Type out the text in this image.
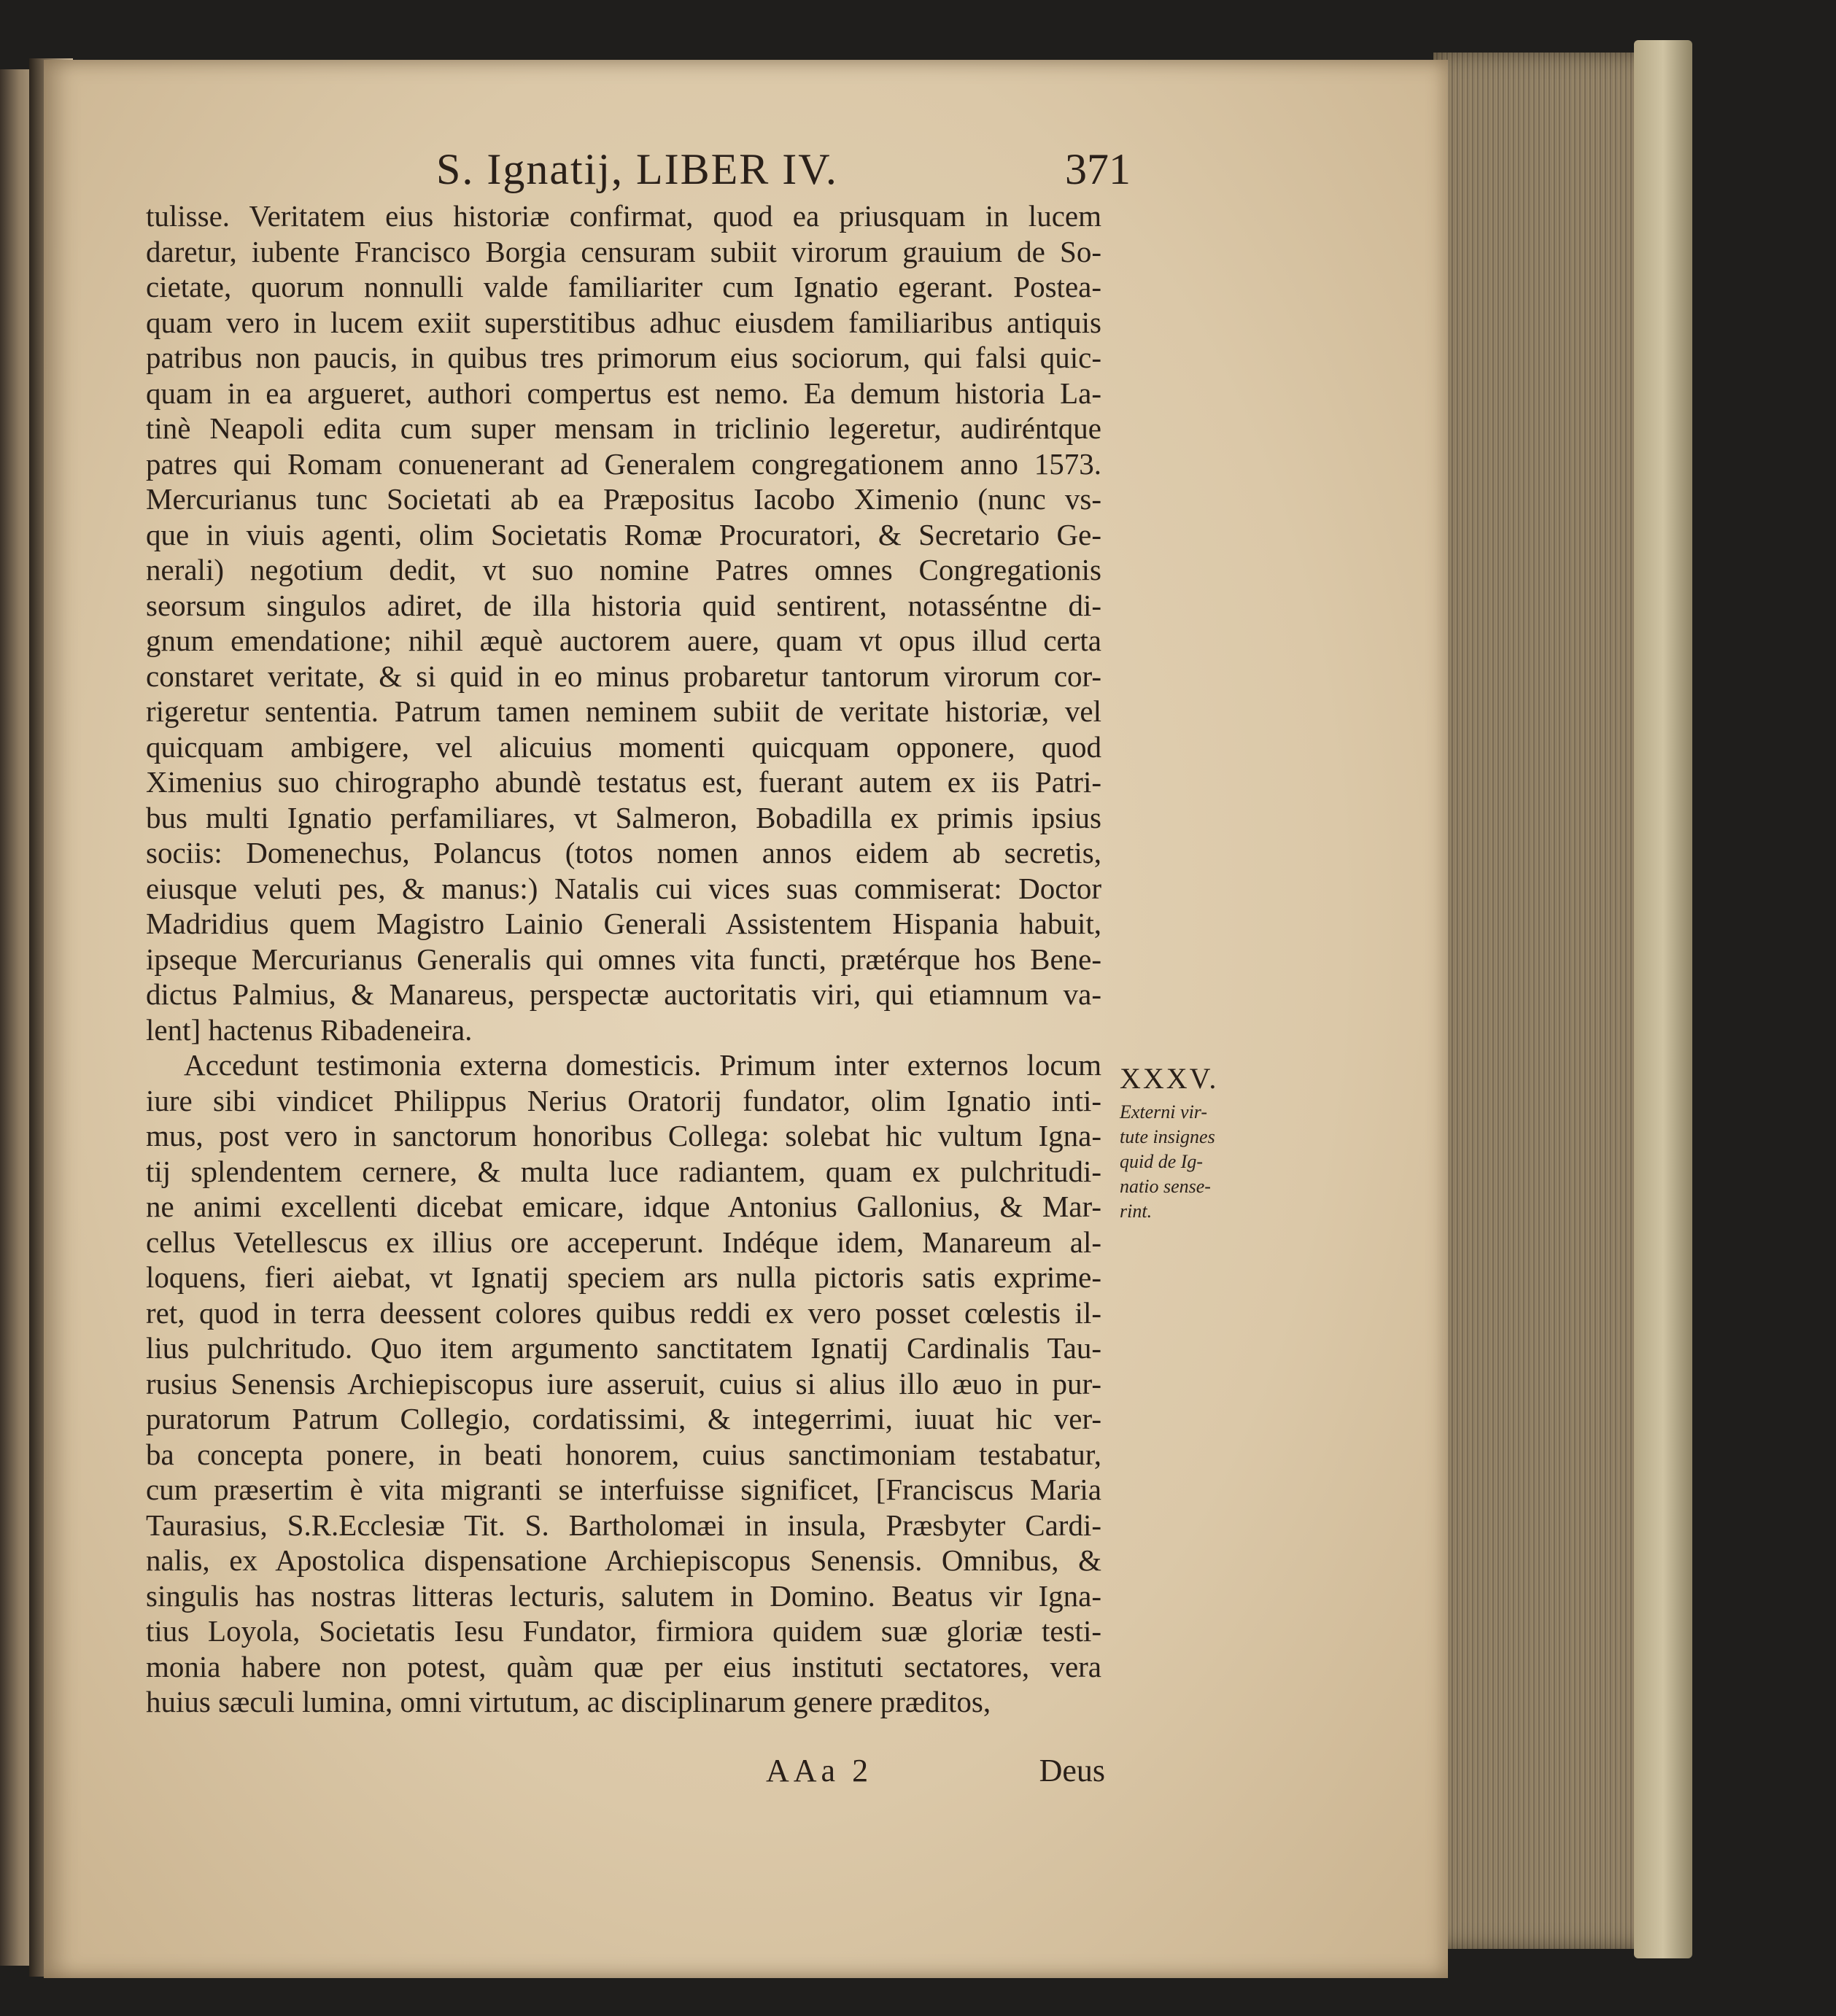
S. Ignatij, LIBER IV.	371
tulisse. Veritatem eius historiæ confirmat, quod ea priusquam in lucem
daretur, iubente Francisco Borgia censuram subiit virorum grauium de So-
cietate, quorum nonnulli valde familiariter cum Ignatio egerant. Postea-
quam vero in lucem exiit superstitibus adhuc eiusdem familiaribus antiquis
patribus non paucis, in quibus tres primorum eius sociorum, qui falsi quic-
quam in ea argueret, authori compertus est nemo. Ea demum historia La-
tinè Neapoli edita cum super mensam in triclinio legeretur, audiréntque
patres qui Romam conuenerant ad Generalem congregationem anno 1573.
Mercurianus tunc Societati ab ea Præpositus Iacobo Ximenio (nunc vs-
que in viuis agenti, olim Societatis Romæ Procuratori, & Secretario Ge-
nerali) negotium dedit, vt suo nomine Patres omnes Congregationis
seorsum singulos adiret, de illa historia quid sentirent, notasséntne di-
gnum emendatione; nihil æquè auctorem auere, quam vt opus illud certa
constaret veritate, & si quid in eo minus probaretur tantorum virorum cor-
rigeretur sententia. Patrum tamen neminem subiit de veritate historiæ, vel
quicquam ambigere, vel alicuius momenti quicquam opponere, quod
Ximenius suo chirographo abundè testatus est, fuerant autem ex iis Patri-
bus multi Ignatio perfamiliares, vt Salmeron, Bobadilla ex primis ipsius
sociis: Domenechus, Polancus (totos nomen annos eidem ab secretis,
eiusque veluti pes, & manus:) Natalis cui vices suas commiserat: Doctor
Madridius quem Magistro Lainio Generali Assistentem Hispania habuit,
ipseque Mercurianus Generalis qui omnes vita functi, prætérque hos Bene-
dictus Palmius, & Manareus, perspectæ auctoritatis viri, qui etiamnum va-
lent] hactenus Ribadeneira.
Accedunt testimonia externa domesticis. Primum inter externos locum
iure sibi vindicet Philippus Nerius Oratorij fundator, olim Ignatio inti-
mus, post vero in sanctorum honoribus Collega: solebat hic vultum Igna-
tij splendentem cernere, & multa luce radiantem, quam ex pulchritudi-
ne animi excellenti dicebat emicare, idque Antonius Gallonius, & Mar-
cellus Vetellescus ex illius ore acceperunt. Indéque idem, Manareum al-
loquens, fieri aiebat, vt Ignatij speciem ars nulla pictoris satis exprime-
ret, quod in terra deessent colores quibus reddi ex vero posset cœlestis il-
lius pulchritudo. Quo item argumento sanctitatem Ignatij Cardinalis Tau-
rusius Senensis Archiepiscopus iure asseruit, cuius si alius illo æuo in pur-
puratorum Patrum Collegio, cordatissimi, & integerrimi, iuuat hic ver-
ba concepta ponere, in beati honorem, cuius sanctimoniam testabatur,
cum præsertim è vita migranti se interfuisse significet, [Franciscus Maria
Taurasius, S.R.Ecclesiæ Tit. S. Bartholomæi in insula, Præsbyter Cardi-
nalis, ex Apostolica dispensatione Archiepiscopus Senensis. Omnibus, &
singulis has nostras litteras lecturis, salutem in Domino. Beatus vir Igna-
tius Loyola, Societatis Iesu Fundator, firmiora quidem suæ gloriæ testi-
monia habere non potest, quàm quæ per eius instituti sectatores, vera
huius sæculi lumina, omni virtutum, ac disciplinarum genere præditos,
XXXV.
Externi vir-
tute insignes
quid de Ig-
natio sense-
rint.
AAa 2	Deus
